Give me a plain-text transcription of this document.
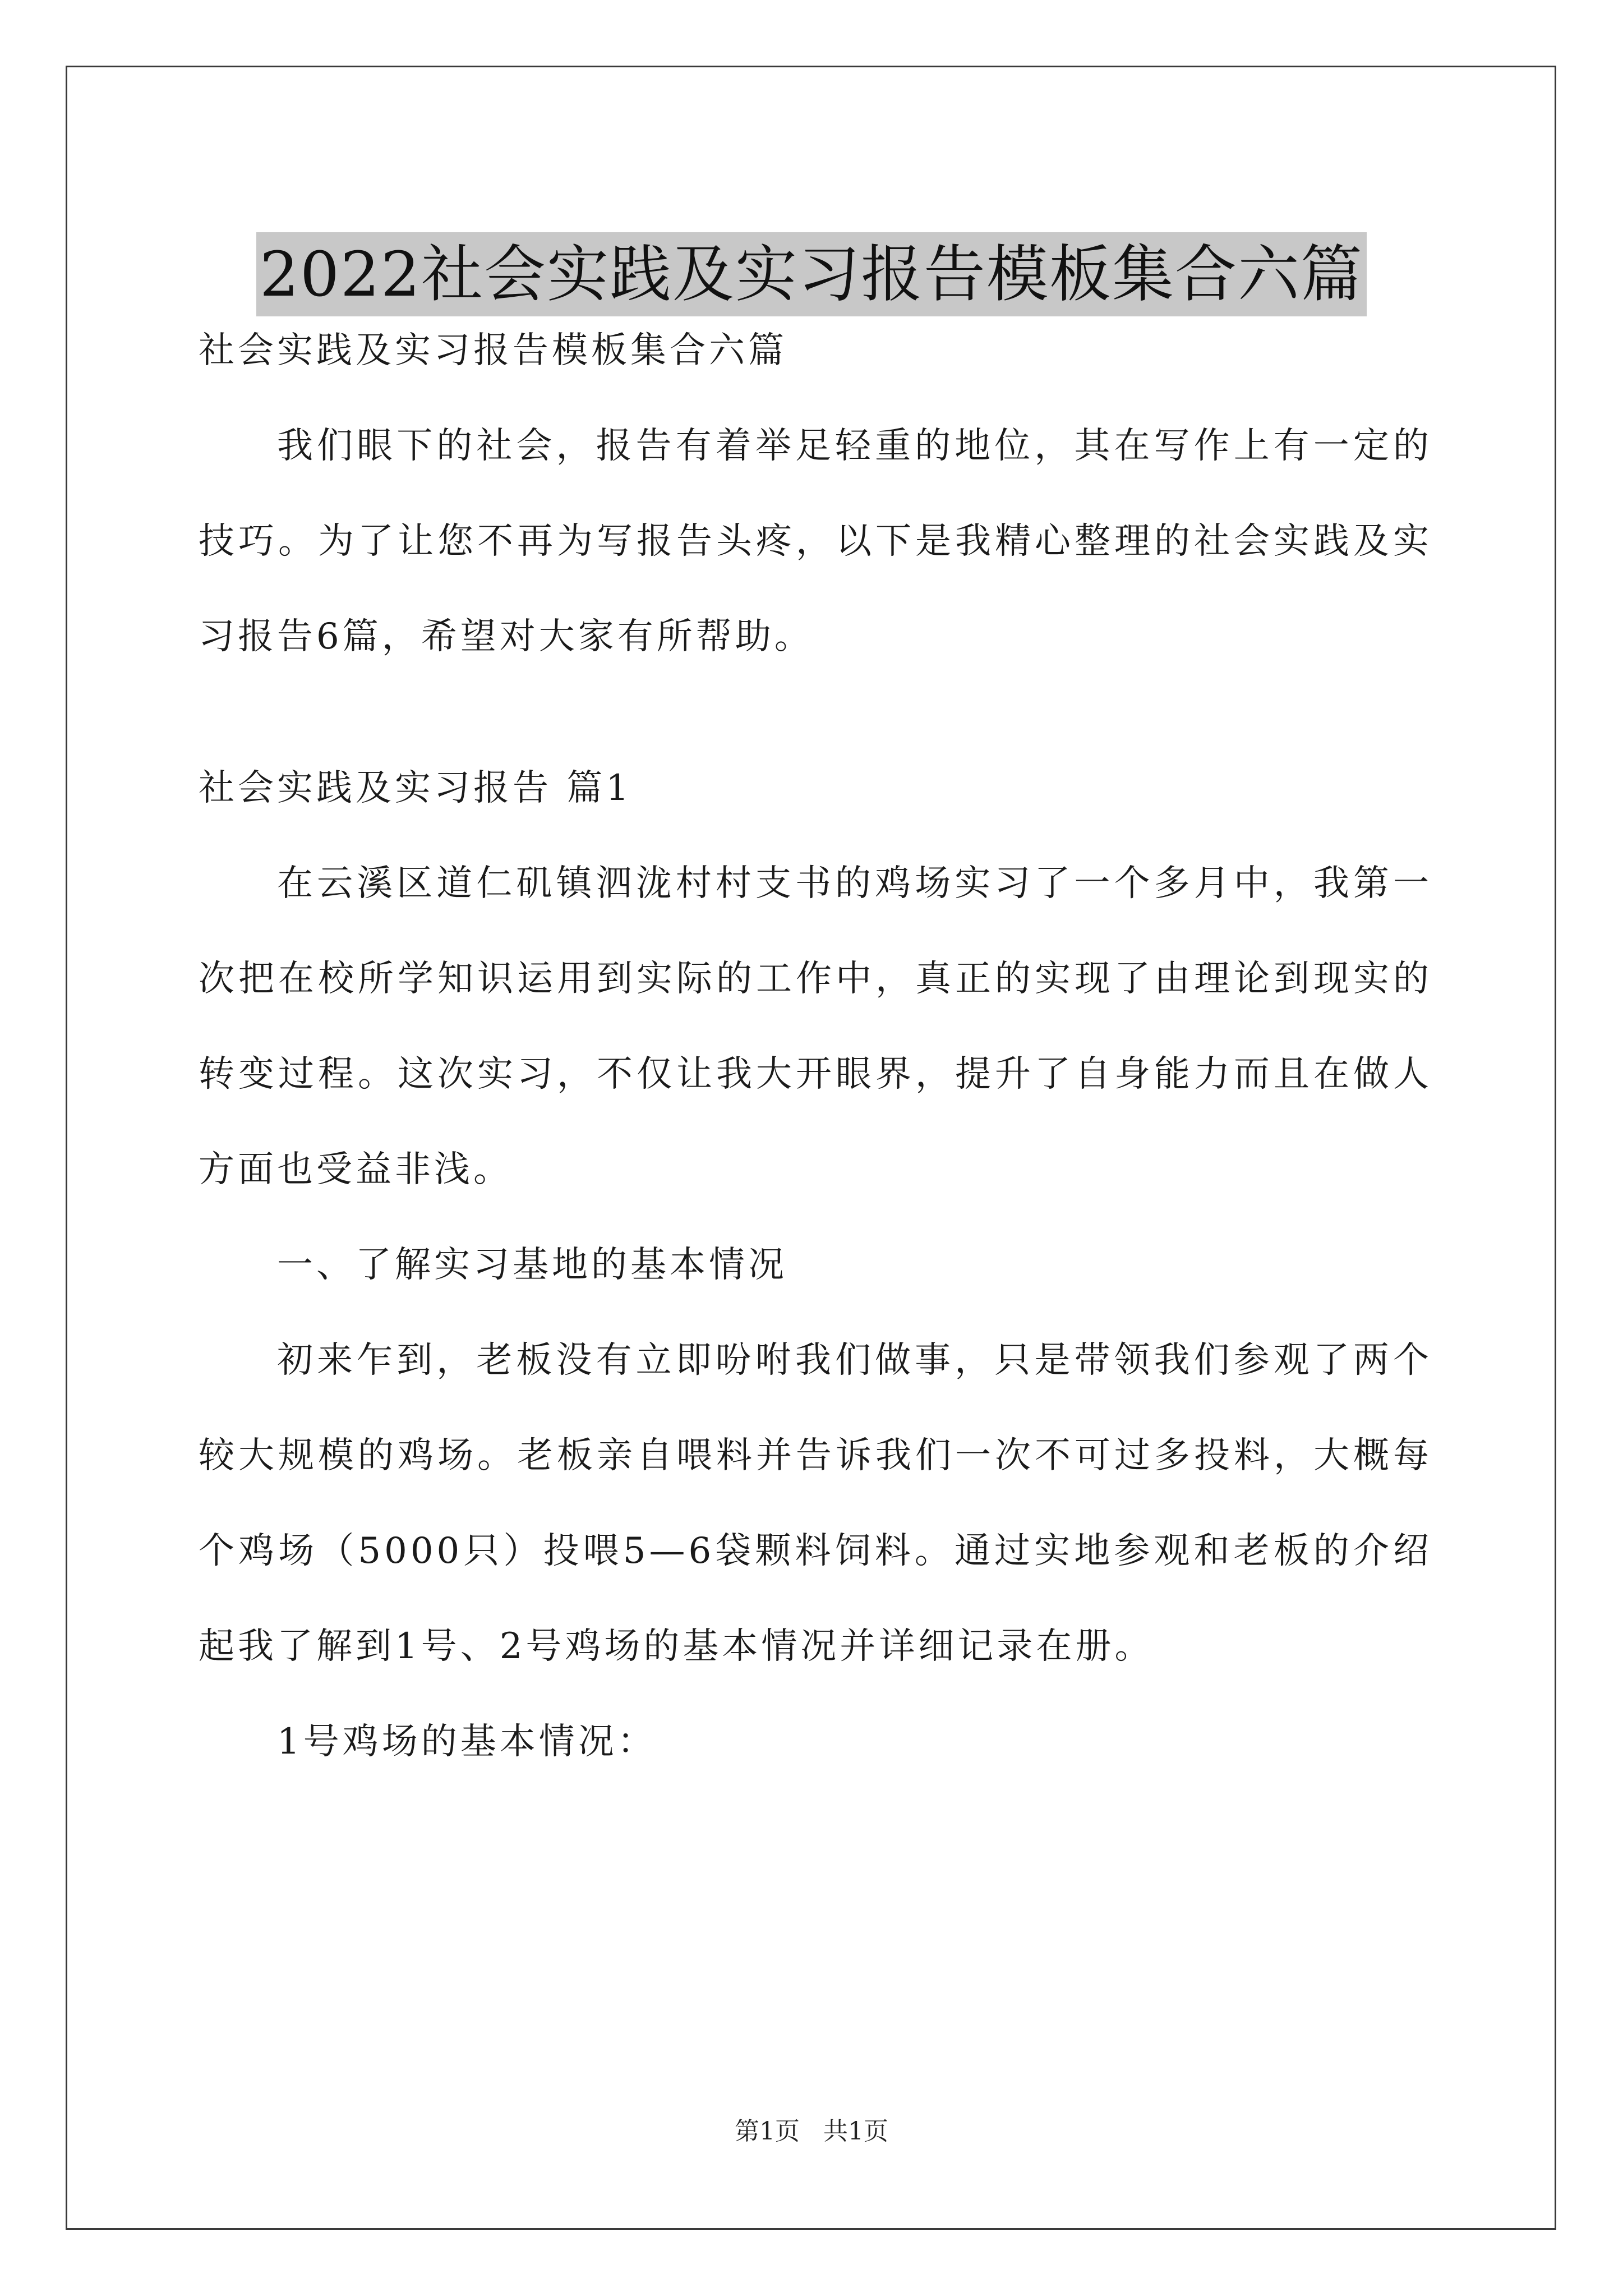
2022社会实践及实习报告模板集合六篇

社会实践及实习报告模板集合六篇

我们眼下的社会，报告有着举足轻重的地位，其在写作上有一定的技巧。为了让您不再为写报告头疼，以下是我精心整理的社会实践及实习报告6篇，希望对大家有所帮助。

社会实践及实习报告 篇1

在云溪区道仁矶镇泗泷村村支书的鸡场实习了一个多月中，我第一次把在校所学知识运用到实际的工作中，真正的实现了由理论到现实的转变过程。这次实习，不仅让我大开眼界，提升了自身能力而且在做人方面也受益非浅。

一、了解实习基地的基本情况

初来乍到，老板没有立即吩咐我们做事，只是带领我们参观了两个较大规模的鸡场。老板亲自喂料并告诉我们一次不可过多投料，大概每个鸡场（5000只）投喂5—6袋颗料饲料。通过实地参观和老板的介绍起我了解到1号、2号鸡场的基本情况并详细记录在册。

1号鸡场的基本情况：

第1页   共1页
